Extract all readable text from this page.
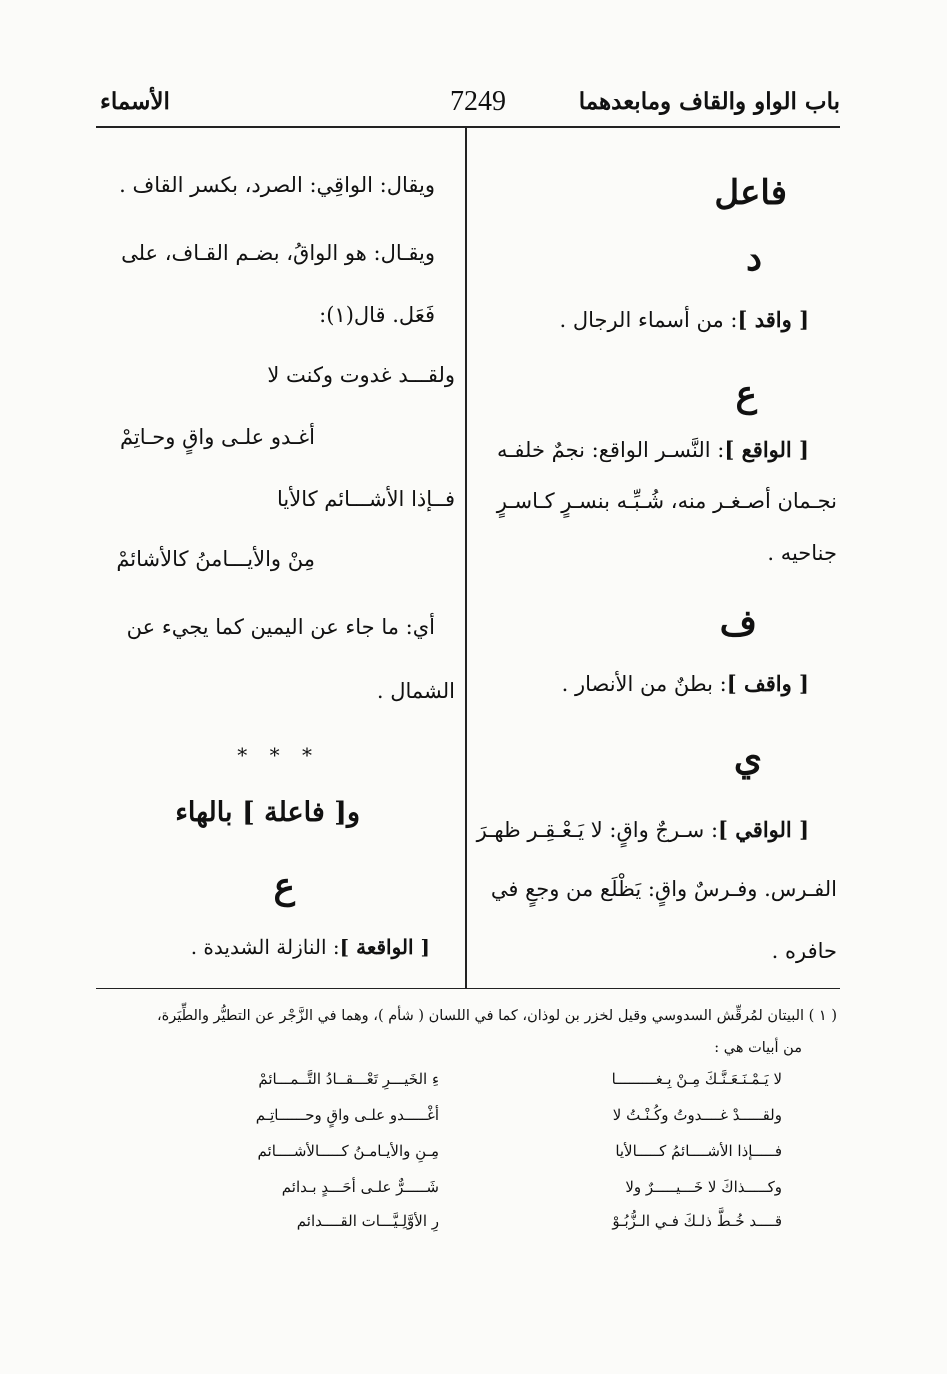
باب الواو والقاف ومابعدهما
7249
الأسماء
فاعل
د
[ واقد ]: من أسماء الرجال .
ع
[ الواقع ]: النَّسـر الواقع: نجمٌ خلفـه
نجـمان أصـغـر منه، شُـبِّـه بنسـرٍ كـاسـرٍ
جناحيه .
ف
[ واقف ]: بطنٌ من الأنصار .
ي
[ الواقي ]: سـرجٌ واقٍ: لا يَـعْـقِـر ظهـرَ
الفـرس. وفـرسٌ واقٍ: يَظْلَع من وجعٍ في
حافره .
ويقال: الواقِي: الصرد، بكسر القاف .
ويقـال: هو الواقُ، بضـم القـاف، على
فَعَل. قال(١):
ولقـــد غدوت وكنت لا
أغـدو علـى واقٍ وحـاتِمْ
فــإذا الأشـــائم كالأيا
مِنْ والأيـــامنُ كالأشائمْ
أي: ما جاء عن اليمين كما يجيء عن
الشمال .
* * *
و[ فاعلة ] بالهاء
ع
[ الواقعة ]: النازلة الشديدة .
( ١ ) البيتان لمُرقِّش السدوسي وقيل لخزر بن لوذان، كما في اللسان ( شأم )، وهما في الزَّجْر عن التطيُّر والطِّيَرة،
من أبيات هي :
لا يَـمْـنَـعَـنَّـكَ مِـنْ بِـغـــــــــا
ءِ الخَيـــرِ تَعْـــقــادُ التَّــمـــائمْ
ولقـــــدْ غــــدوتُ وكُـنْـتُ لا
أغْـــــدو علـى واقٍ وحــــــاتِـم
فـــــإذا الأشــــائمُ كـــــالأيا
مِـنِ والأيـامـنُ كـــــالأشــــائم
وكـــــذاكَ لا خَـــيـــــرٌ ولا
شَـــــرٌّ علـى أحَـــدٍ بـدائم
قــــد خُـطَّ ذلـكَ فـي الـزُّبُـوْ
رِ الأوَّلِـيَّـــات القــــدائم
